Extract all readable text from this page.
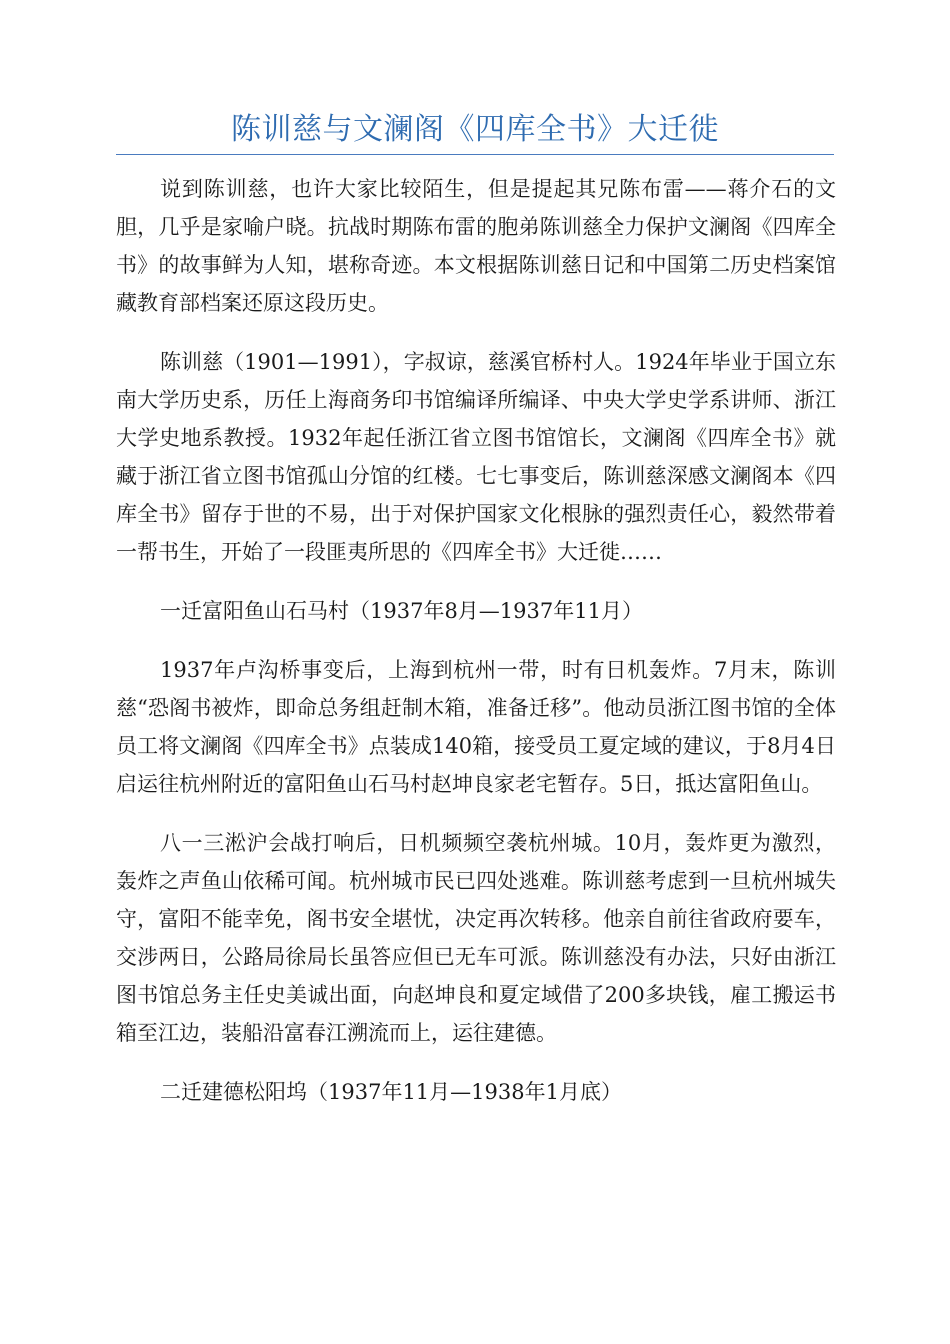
陈训慈与文澜阁《四库全书》大迁徙

说到陈训慈，也许大家比较陌生，但是提起其兄陈布雷——蒋介石的文胆，几乎是家喻户晓。抗战时期陈布雷的胞弟陈训慈全力保护文澜阁《四库全书》的故事鲜为人知，堪称奇迹。本文根据陈训慈日记和中国第二历史档案馆藏教育部档案还原这段历史。

陈训慈（1901—1991），字叔谅，慈溪官桥村人。1924年毕业于国立东南大学历史系，历任上海商务印书馆编译所编译、中央大学史学系讲师、浙江大学史地系教授。1932年起任浙江省立图书馆馆长，文澜阁《四库全书》就藏于浙江省立图书馆孤山分馆的红楼。七七事变后，陈训慈深感文澜阁本《四库全书》留存于世的不易，出于对保护国家文化根脉的强烈责任心，毅然带着一帮书生，开始了一段匪夷所思的《四库全书》大迁徙……

一迁富阳鱼山石马村（1937年8月—1937年11月）

1937年卢沟桥事变后，上海到杭州一带，时有日机轰炸。7月末，陈训慈“恐阁书被炸，即命总务组赶制木箱，准备迁移”。他动员浙江图书馆的全体员工将文澜阁《四库全书》点装成140箱，接受员工夏定域的建议，于8月4日启运往杭州附近的富阳鱼山石马村赵坤良家老宅暂存。5日，抵达富阳鱼山。

八一三淞沪会战打响后，日机频频空袭杭州城。10月，轰炸更为激烈，轰炸之声鱼山依稀可闻。杭州城市民已四处逃难。陈训慈考虑到一旦杭州城失守，富阳不能幸免，阁书安全堪忧，决定再次转移。他亲自前往省政府要车，交涉两日，公路局徐局长虽答应但已无车可派。陈训慈没有办法，只好由浙江图书馆总务主任史美诚出面，向赵坤良和夏定域借了200多块钱，雇工搬运书箱至江边，装船沿富春江溯流而上，运往建德。

二迁建德松阳坞（1937年11月—1938年1月底）
